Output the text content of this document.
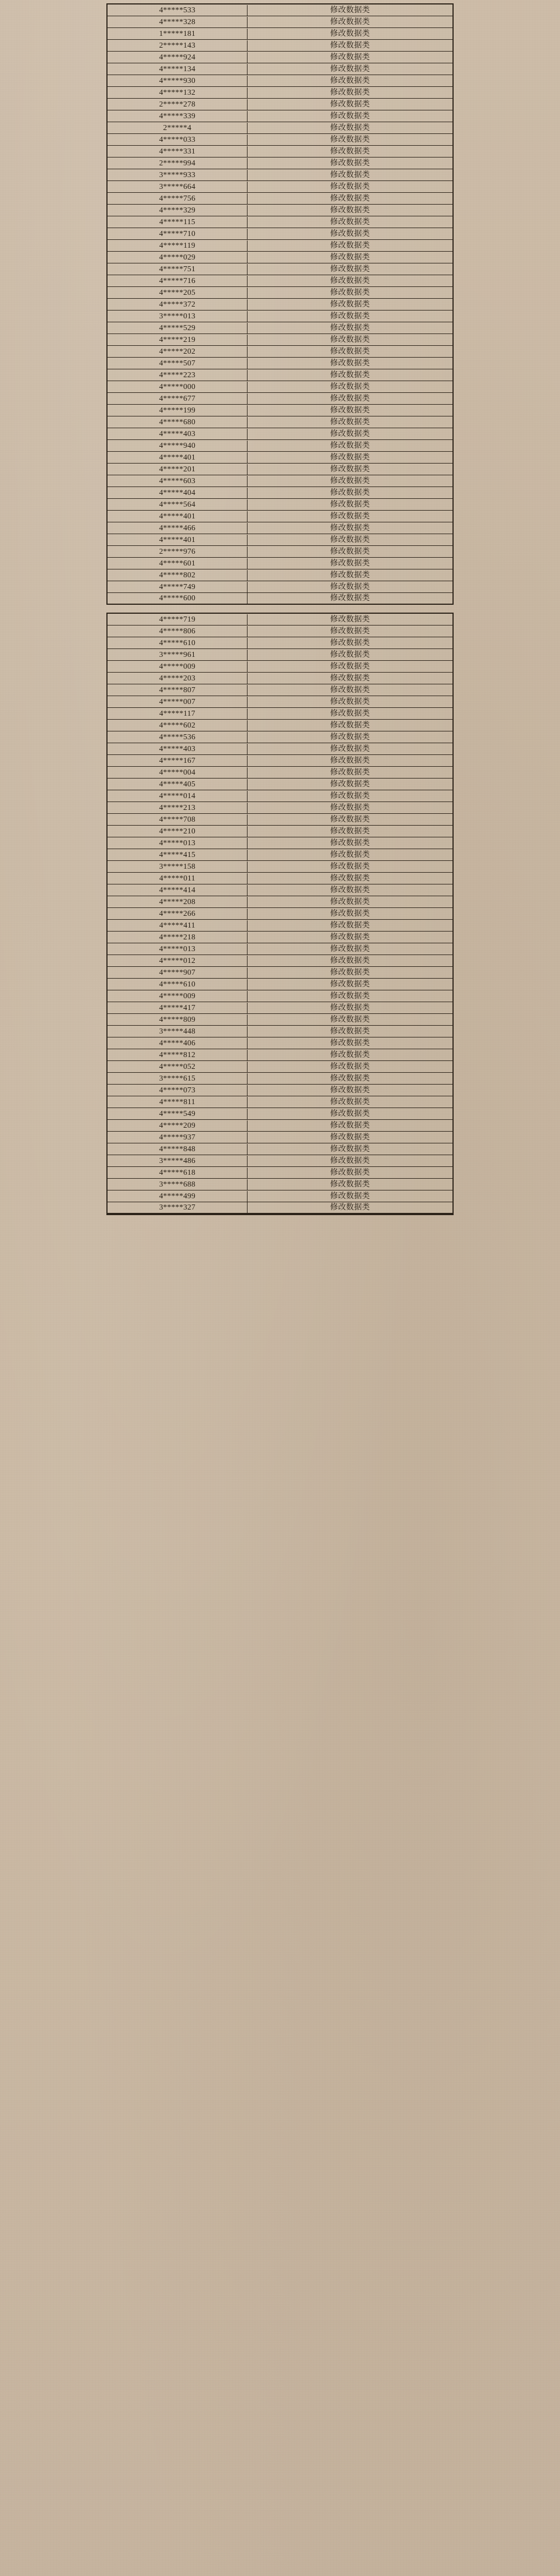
4*****533	修改数据类
4*****328	修改数据类
1*****181	修改数据类
2*****143	修改数据类
4*****924	修改数据类
4*****134	修改数据类
4*****930	修改数据类
4*****132	修改数据类
2*****278	修改数据类
4*****339	修改数据类
2*****4	修改数据类
4*****033	修改数据类
4*****331	修改数据类
2*****994	修改数据类
3*****933	修改数据类
3*****664	修改数据类
4*****756	修改数据类
4*****329	修改数据类
4*****115	修改数据类
4*****710	修改数据类
4*****119	修改数据类
4*****029	修改数据类
4*****751	修改数据类
4*****716	修改数据类
4*****205	修改数据类
4*****372	修改数据类
3*****013	修改数据类
4*****529	修改数据类
4*****219	修改数据类
4*****202	修改数据类
4*****507	修改数据类
4*****223	修改数据类
4*****000	修改数据类
4*****677	修改数据类
4*****199	修改数据类
4*****680	修改数据类
4*****403	修改数据类
4*****940	修改数据类
4*****401	修改数据类
4*****201	修改数据类
4*****603	修改数据类
4*****404	修改数据类
4*****564	修改数据类
4*****401	修改数据类
4*****466	修改数据类
4*****401	修改数据类
2*****976	修改数据类
4*****601	修改数据类
4*****802	修改数据类
4*****749	修改数据类
4*****600	修改数据类
4*****719	修改数据类
4*****806	修改数据类
4*****610	修改数据类
3*****961	修改数据类
4*****009	修改数据类
4*****203	修改数据类
4*****807	修改数据类
4*****007	修改数据类
4*****117	修改数据类
4*****602	修改数据类
4*****536	修改数据类
4*****403	修改数据类
4*****167	修改数据类
4*****004	修改数据类
4*****405	修改数据类
4*****014	修改数据类
4*****213	修改数据类
4*****708	修改数据类
4*****210	修改数据类
4*****013	修改数据类
4*****415	修改数据类
3*****158	修改数据类
4*****011	修改数据类
4*****414	修改数据类
4*****208	修改数据类
4*****266	修改数据类
4*****411	修改数据类
4*****218	修改数据类
4*****013	修改数据类
4*****012	修改数据类
4*****907	修改数据类
4*****610	修改数据类
4*****009	修改数据类
4*****417	修改数据类
4*****809	修改数据类
3*****448	修改数据类
4*****406	修改数据类
4*****812	修改数据类
4*****052	修改数据类
3*****615	修改数据类
4*****073	修改数据类
4*****811	修改数据类
4*****549	修改数据类
4*****209	修改数据类
4*****937	修改数据类
4*****848	修改数据类
3*****486	修改数据类
4*****618	修改数据类
3*****688	修改数据类
4*****499	修改数据类
3*****327	修改数据类
